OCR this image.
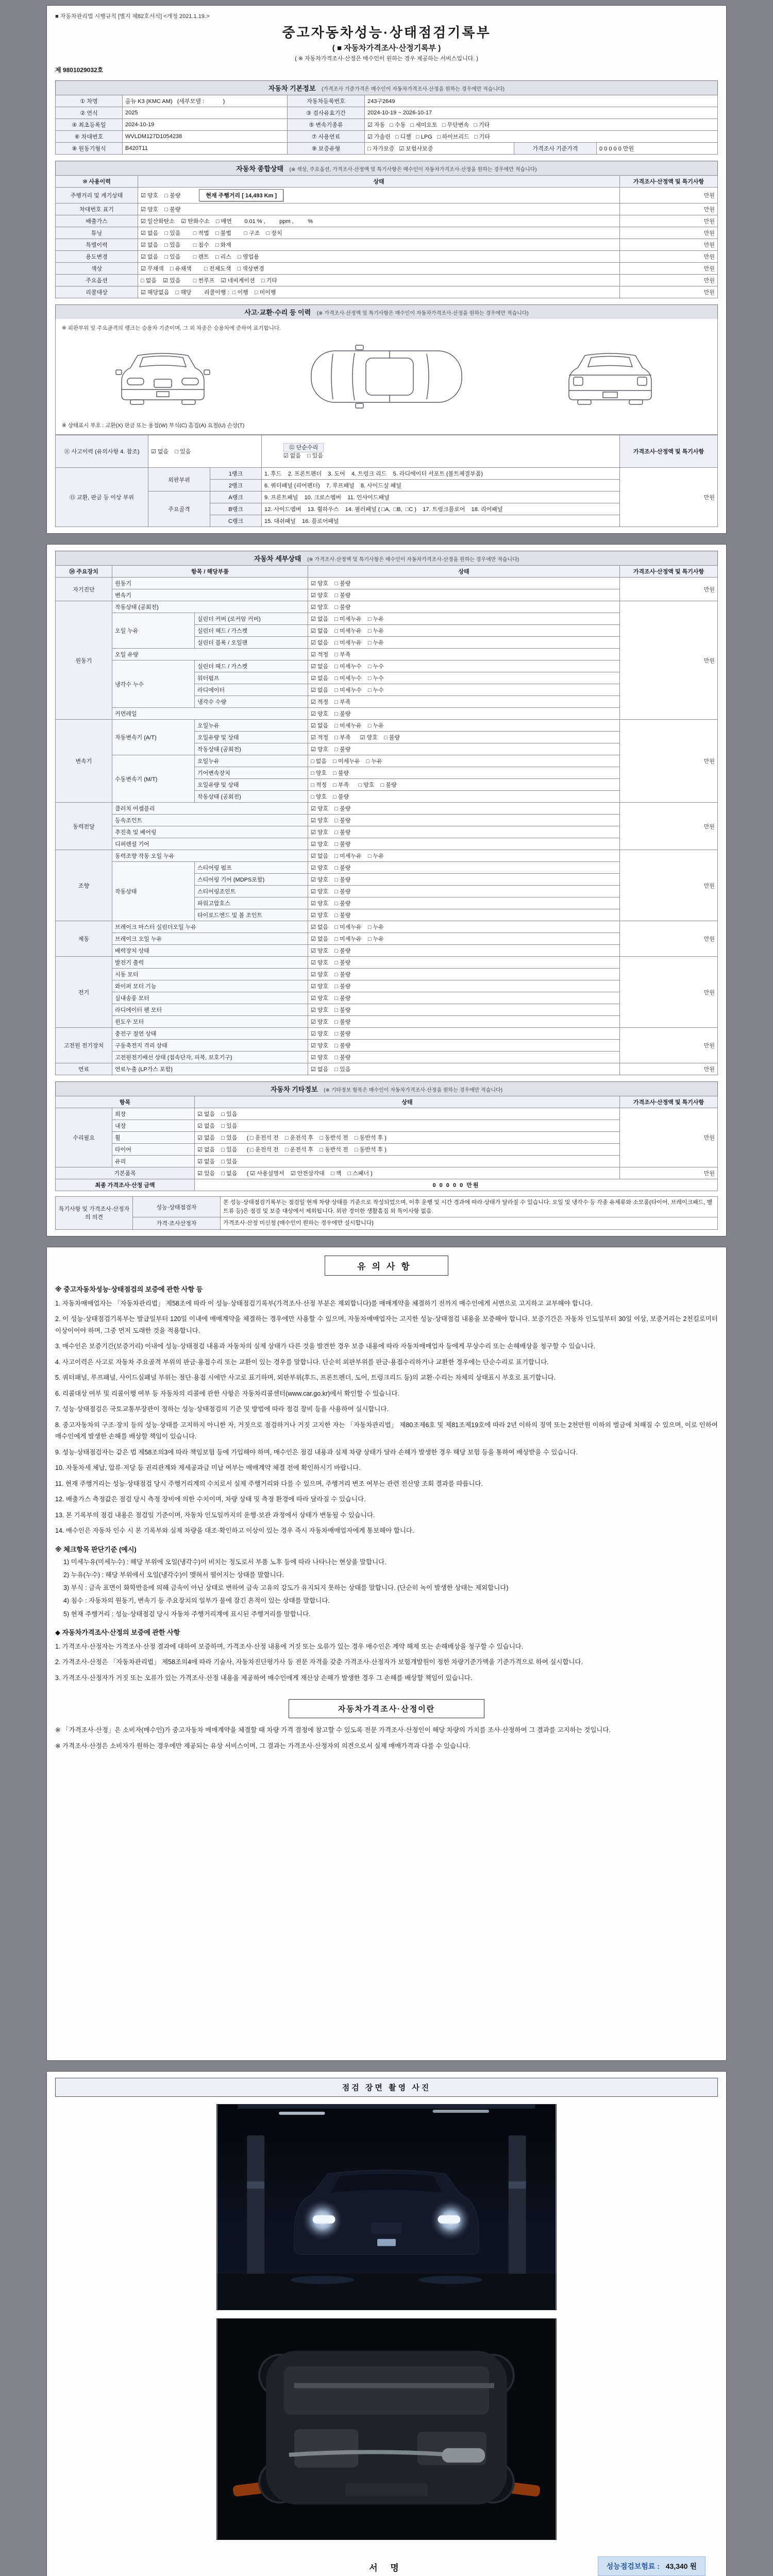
■ 자동차관리법 시행규칙 [별지 제82호서식] <개정 2021.1.19.>
중고자동차성능·상태점검기록부
( ■ 자동차가격조사·산정기록부 )
( ※ 자동차가격조사·산정은 매수인이 원하는 경우 제공하는 서비스입니다. )
제 9801029032호
자동차 기본정보 (가격조사 기준가격은 매수인이 자동차가격조사·산정을 원하는 경우에만 적습니다)
① 차명	올뉴 K3 (KMC AM)   (세부모델 :            )	자동차등록번호	243구2649		
② 연식	2025	③ 검사유효기간	2024-10-19 ~ 2026-10-17		
④ 최초등록일	2024-10-19	⑤ 변속기종류	☑ 자동   □ 수동   □ 세미오토   □ 무단변속   □ 기타		
⑥ 차대번호	WVLDM127D1054238	⑦ 사용연료	☑ 가솔린   □ 디젤   □ LPG   □ 하이브리드   □ 기타		
⑧ 원동기형식	B420T11	⑨ 보증유형	□ 자가보증   ☑ 보험사보증	가격조사 기준가격	0 0 0 0 0 만원
자동차 종합상태 (※ 색상, 주요옵션, 가격조사·산정액 및 특기사항은 매수인이 자동차가격조사·산정을 원하는 경우에만 적습니다)
⑩ 사용이력	상태	가격조사·산정액 및 특기사항
주행거리 및 계기상태	☑ 양호    □ 불량 현재 주행거리 [ 14,493 Km ]	만원
차대번호 표기	☑ 양호    □ 불량	만원
배출가스	☑ 일산화탄소    ☑ 탄화수소    □ 매연        0.01 % ,         ppm ,         %	만원
튜닝	☑ 없음    □ 있음        □ 적법    □ 불법        □ 구조    □ 장치	만원
특별이력	☑ 없음    □ 있음        □ 침수    □ 화재	만원
용도변경	☑ 없음    □ 있음        □ 렌트    □ 리스    □ 영업용	만원
색상	☑ 무채색    □ 유채색        □ 전체도색    □ 색상변경	만원
주요옵션	□ 없음    ☑ 있음        □ 썬루프    ☑ 네비게이션    □ 기타	만원
리콜대상	☑ 해당없음    □ 해당        리콜이행 :  □ 이행    □ 미이행	만원
사고·교환·수리 등 이력 (※ 가격조사·산정액 및 특기사항은 매수인이 자동차가격조사·산정을 원하는 경우에만 적습니다)
※ 외판부위 및 주요골격의 랭크는 승용차 기준이며, 그 외 차종은 승용차에 준하여 표기합니다.
※ 상태표시 부호 : 교환(X) 판금 또는 용접(W) 부식(C) 흠집(A) 요철(U) 손상(T)
⑪ 사고이력 (유의사항 4. 참조)	☑ 없음    □ 있음		⑫ 단순수리
☑ 없음    □ 있음	가격조사·산정액 및 특기사항
⑬ 교환, 판금 등 이상 부위	외판부위	1랭크	1. 후드    2. 프론트펜더    3. 도어    4. 트렁크 리드    5. 라디에이터 서포트 (볼트체결부품)	만원
		2랭크	6. 쿼터패널 (리어펜더)    7. 루프패널    8. 사이드실 패널	
	주요골격	A랭크	9. 프론트패널    10. 크로스멤버    11. 인사이드패널	
		B랭크	12. 사이드멤버    13. 휠하우스    14. 필러패널 ( □A,  □B,  □C )    17. 트렁크플로어    18. 리어패널	
		C랭크	15. 대쉬패널    16. 플로어패널	
자동차 세부상태 (※ 가격조사·산정액 및 특기사항은 매수인이 자동차가격조사·산정을 원하는 경우에만 적습니다)
⑭ 주요장치	항목 / 해당부품		상태	가격조사·산정액 및 특기사항
자기진단	원동기		☑ 양호    □ 불량	만원
	변속기		☑ 양호    □ 불량	
원동기	작동상태 (공회전)		☑ 양호    □ 불량	만원
	오일 누유	실린더 커버 (로커암 커버)	☑ 없음    □ 미세누유    □ 누유	
		실린더 헤드 / 가스켓	☑ 없음    □ 미세누유    □ 누유	
		실린더 블록 / 오일팬	☑ 없음    □ 미세누유    □ 누유	
	오일 유량		☑ 적정    □ 부족	
	냉각수 누수	실린더 헤드 / 가스켓	☑ 없음    □ 미세누수    □ 누수	
		워터펌프	☑ 없음    □ 미세누수    □ 누수	
		라디에이터	☑ 없음    □ 미세누수    □ 누수	
		냉각수 수량	☑ 적정    □ 부족	
	커먼레일		☑ 양호    □ 불량	
변속기	자동변속기 (A/T)	오일누유	☑ 없음    □ 미세누유    □ 누유	만원
		오일유량 및 상태	☑ 적정    □ 부족      ☑ 양호    □ 불량	
		작동상태 (공회전)	☑ 양호    □ 불량	
	수동변속기 (M/T)	오일누유	□ 없음    □ 미세누유    □ 누유	
		기어변속장치	□ 양호    □ 불량	
		오일유량 및 상태	□ 적정    □ 부족      □ 양호    □ 불량	
		작동상태 (공회전)	□ 양호    □ 불량	
동력전달	클러치 어셈블리		☑ 양호    □ 불량	만원
	등속조인트		☑ 양호    □ 불량	
	추진축 및 베어링		☑ 양호    □ 불량	
	디퍼렌셜 기어		☑ 양호    □ 불량	
조향	동력조향 작동 오일 누유		☑ 없음    □ 미세누유    □ 누유	만원
	작동상태	스티어링 펌프	☑ 양호    □ 불량	
		스티어링 기어 (MDPS포함)	☑ 양호    □ 불량	
		스티어링조인트	☑ 양호    □ 불량	
		파워고압호스	☑ 양호    □ 불량	
		타이로드엔드 및 볼 조인트	☑ 양호    □ 불량	
제동	브레이크 마스터 실린더오일 누유		☑ 없음    □ 미세누유    □ 누유	만원
	브레이크 오일 누유		☑ 없음    □ 미세누유    □ 누유	
	배력장치 상태		☑ 양호    □ 불량	
전기	발전기 출력		☑ 양호    □ 불량	만원
	시동 모터		☑ 양호    □ 불량	
	와이퍼 모터 기능		☑ 양호    □ 불량	
	실내송풍 모터		☑ 양호    □ 불량	
	라디에이터 팬 모터		☑ 양호    □ 불량	
	윈도우 모터		☑ 양호    □ 불량	
고전원 전기장치	충전구 절연 상태		☑ 양호    □ 불량	만원
	구동축전지 격리 상태		☑ 양호    □ 불량	
	고전원전기배선 상태 (접속단자, 피복, 보호기구)		☑ 양호    □ 불량	
연료	연료누출 (LP가스 포함)		☑ 없음    □ 있음	만원
자동차 기타정보 (※ 기타정보 항목은 매수인이 자동차가격조사·산정을 원하는 경우에만 적습니다)
항목		상태	가격조사·산정액 및 특기사항
수리필요	외장	☑ 없음    □ 있음	만원
	내장	☑ 없음    □ 있음	
	휠	☑ 없음    □ 있음      ( □ 운전석 전    □ 운전석 후    □ 동반석 전    □ 동반석 후 )	
	타이어	☑ 없음    □ 있음      ( □ 운전석 전    □ 운전석 후    □ 동반석 전    □ 동반석 후 )	
	유리	☑ 없음    □ 있음	
기본품목		☑ 있음    □ 없음      ( ☑ 사용설명서    ☑ 안전삼각대    □ 잭    □ 스패너 )	만원
최종 가격조사·산정 금액		0 0 0 0 0 만원	
특기사항 및 가격조사·산정자의 의견	성능·상태점검자	본 성능·상태점검기록부는 점검일 현재 차량 상태를 기준으로 작성되었으며, 이후 운행 및 시간 경과에 따라 상태가 달라질 수 있습니다. 오일 및 냉각수 등 각종 유체류와 소모품(타이어, 브레이크패드, 벨트류 등)은 점검 및 보증 대상에서 제외됩니다. 외판 경미한 생활흠집 외 특이사항 없음.
	가격·조사산정자	가격조사·산정 미신청 (매수인이 원하는 경우에만 실시합니다)
유의사항
※ 중고자동차성능·상태점검의 보증에 관한 사항 등
1. 자동차매매업자는 「자동차관리법」 제58조에 따라 이 성능·상태점검기록부(가격조사·산정 부분은 제외합니다)를 매매계약을 체결하기 전까지 매수인에게 서면으로 고지하고 교부해야 합니다.
2. 이 성능·상태점검기록부는 발급일부터 120일 이내에 매매계약을 체결하는 경우에만 사용할 수 있으며, 자동차매매업자는 고지한 성능·상태점검 내용을 보증해야 합니다. 보증기간은 자동차 인도일부터 30일 이상, 보증거리는 2천킬로미터 이상이어야 하며, 그중 먼저 도래한 것을 적용합니다.
3. 매수인은 보증기간(보증거리) 이내에 성능·상태점검 내용과 자동차의 실제 상태가 다른 것을 발견한 경우 보증 내용에 따라 자동차매매업자 등에게 무상수리 또는 손해배상을 청구할 수 있습니다.
4. 사고이력은 사고로 자동차 주요골격 부위의 판금·용접수리 또는 교환이 있는 경우를 말합니다. 단순히 외판부위를 판금·용접수리하거나 교환한 경우에는 단순수리로 표기합니다.
5. 쿼터패널, 루프패널, 사이드실패널 부위는 절단·용접 시에만 사고로 표기하며, 외판부위(후드, 프론트펜더, 도어, 트렁크리드 등)의 교환·수리는 차체의 상태표시 부호로 표기합니다.
6. 리콜대상 여부 및 리콜이행 여부 등 자동차의 리콜에 관한 사항은 자동차리콜센터(www.car.go.kr)에서 확인할 수 있습니다.
7. 성능·상태점검은 국토교통부장관이 정하는 성능·상태점검의 기준 및 방법에 따라 점검 장비 등을 사용하여 실시합니다.
8. 중고자동차의 구조·장치 등의 성능·상태를 고지하지 아니한 자, 거짓으로 점검하거나 거짓 고지한 자는 「자동차관리법」 제80조제6호 및 제81조제19호에 따라 2년 이하의 징역 또는 2천만원 이하의 벌금에 처해질 수 있으며, 이로 인하여 매수인에게 발생한 손해를 배상할 책임이 있습니다.
9. 성능·상태점검자는 같은 법 제58조의3에 따라 책임보험 등에 가입해야 하며, 매수인은 점검 내용과 실제 차량 상태가 달라 손해가 발생한 경우 해당 보험 등을 통하여 배상받을 수 있습니다.
10. 자동차세 체납, 압류·저당 등 권리관계와 제세공과금 미납 여부는 매매계약 체결 전에 확인하시기 바랍니다.
11. 현재 주행거리는 성능·상태점검 당시 주행거리계의 수치로서 실제 주행거리와 다를 수 있으며, 주행거리 변조 여부는 관련 전산망 조회 결과를 따릅니다.
12. 배출가스 측정값은 점검 당시 측정 장비에 의한 수치이며, 차량 상태 및 측정 환경에 따라 달라질 수 있습니다.
13. 본 기록부의 점검 내용은 점검일 기준이며, 자동차 인도일까지의 운행·보관 과정에서 상태가 변동될 수 있습니다.
14. 매수인은 자동차 인수 시 본 기록부와 실제 차량을 대조·확인하고 이상이 있는 경우 즉시 자동차매매업자에게 통보해야 합니다.
※ 체크항목 판단기준 (예시)
1) 미세누유(미세누수) : 해당 부위에 오일(냉각수)이 비치는 정도로서 부품 노후 등에 따라 나타나는 현상을 말합니다.
2) 누유(누수) : 해당 부위에서 오일(냉각수)이 맺혀서 떨어지는 상태를 말합니다.
3) 부식 : 금속 표면이 화학반응에 의해 금속이 아닌 상태로 변하여 금속 고유의 강도가 유지되지 못하는 상태를 말합니다. (단순히 녹이 발생한 상태는 제외합니다)
4) 침수 : 자동차의 원동기, 변속기 등 주요장치의 일부가 물에 잠긴 흔적이 있는 상태를 말합니다.
5) 현재 주행거리 : 성능·상태점검 당시 자동차 주행거리계에 표시된 주행거리를 말합니다.
◆ 자동차가격조사·산정의 보증에 관한 사항
1. 가격조사·산정자는 가격조사·산정 결과에 대하여 보증하며, 가격조사·산정 내용에 거짓 또는 오류가 있는 경우 매수인은 계약 해제 또는 손해배상을 청구할 수 있습니다.
2. 가격조사·산정은 「자동차관리법」 제58조의4에 따라 기술사, 자동차진단평가사 등 전문 자격을 갖춘 가격조사·산정자가 보험개발원이 정한 차량기준가액을 기준가격으로 하여 실시합니다.
3. 가격조사·산정자가 거짓 또는 오류가 있는 가격조사·산정 내용을 제공하여 매수인에게 재산상 손해가 발생한 경우 그 손해를 배상할 책임이 있습니다.
자동차가격조사·산정이란
※ 「가격조사·산정」은 소비자(매수인)가 중고자동차 매매계약을 체결할 때 차량 가격 결정에 참고할 수 있도록 전문 가격조사·산정인이 해당 차량의 가치를 조사·산정하여 그 결과를 고지하는 것입니다.
※ 가격조사·산정은 소비자가 원하는 경우에만 제공되는 유상 서비스이며, 그 결과는 가격조사·산정자의 의견으로서 실제 매매가격과 다를 수 있습니다.
점검 장면 촬영 사진
서 명	성능점검보험료 : 43,340 원
